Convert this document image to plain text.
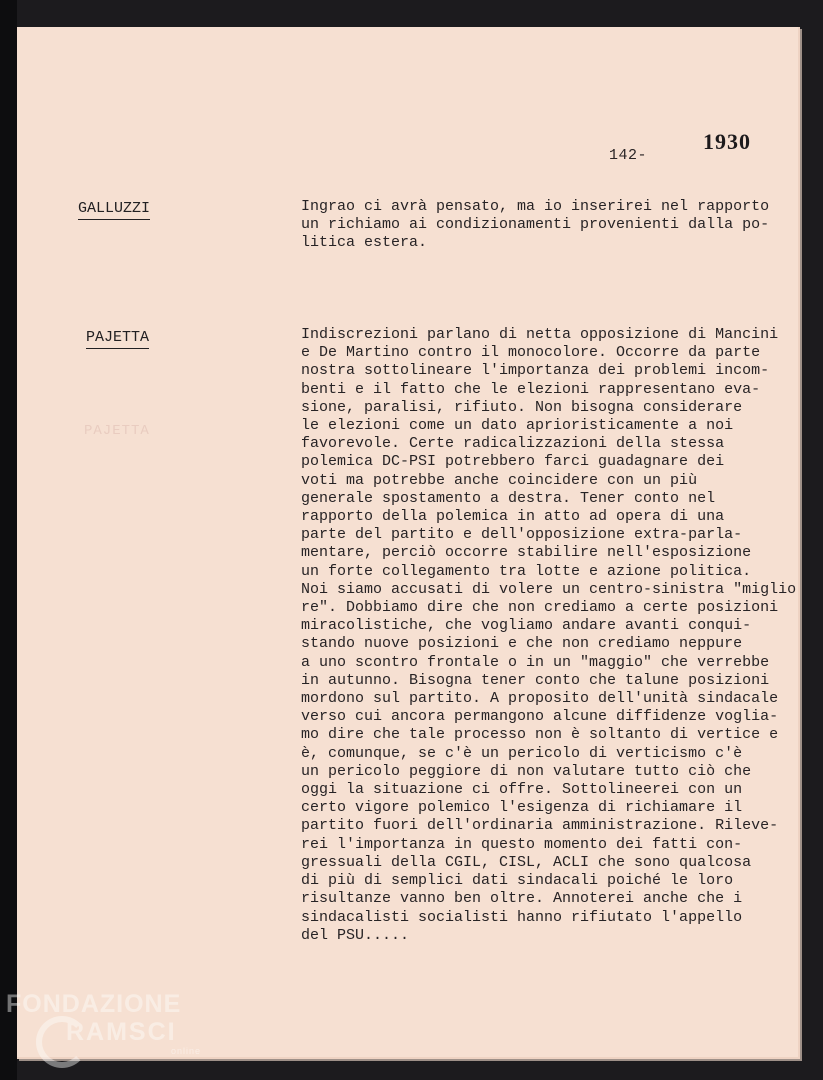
142-
1930
GALLUZZI	Ingrao ci avrà pensato, ma io inserirei nel rapporto
un richiamo ai condizionamenti provenienti dalla po-
litica estera.
PAJETTA
PAJETTA
Indiscrezioni parlano di netta opposizione di Mancini
e De Martino contro il monocolore. Occorre da parte
nostra sottolineare l'importanza dei problemi incom-
benti e il fatto che le elezioni rappresentano eva-
sione, paralisi, rifiuto. Non bisogna considerare
le elezioni come un dato aprioristicamente a noi
favorevole. Certe radicalizzazioni della stessa
polemica DC-PSI potrebbero farci guadagnare dei
voti ma potrebbe anche coincidere con un più
generale spostamento a destra. Tener conto nel
rapporto della polemica in atto ad opera di una
parte del partito e dell'opposizione extra-parla-
mentare, perciò occorre stabilire nell'esposizione
un forte collegamento tra lotte e azione politica.
Noi siamo accusati di volere un centro-sinistra "miglio
re". Dobbiamo dire che non crediamo a certe posizioni
miracolistiche, che vogliamo andare avanti conqui-
stando nuove posizioni e che non crediamo neppure
a uno scontro frontale o in un "maggio" che verrebbe
in autunno. Bisogna tener conto che talune posizioni
mordono sul partito. A proposito dell'unità sindacale
verso cui ancora permangono alcune diffidenze voglia-
mo dire che tale processo non è soltanto di vertice e
è, comunque, se c'è un pericolo di verticismo c'è
un pericolo peggiore di non valutare tutto ciò che
oggi la situazione ci offre. Sottolineerei con un
certo vigore polemico l'esigenza di richiamare il
partito fuori dell'ordinaria amministrazione. Rileve-
rei l'importanza in questo momento dei fatti con-
gressuali della CGIL, CISL, ACLI che sono qualcosa
di più di semplici dati sindacali poiché le loro
risultanze vanno ben oltre. Annoterei anche che i
sindacalisti socialisti hanno rifiutato l'appello
del PSU.....
FONDAZIONE
RAMSCI
online
